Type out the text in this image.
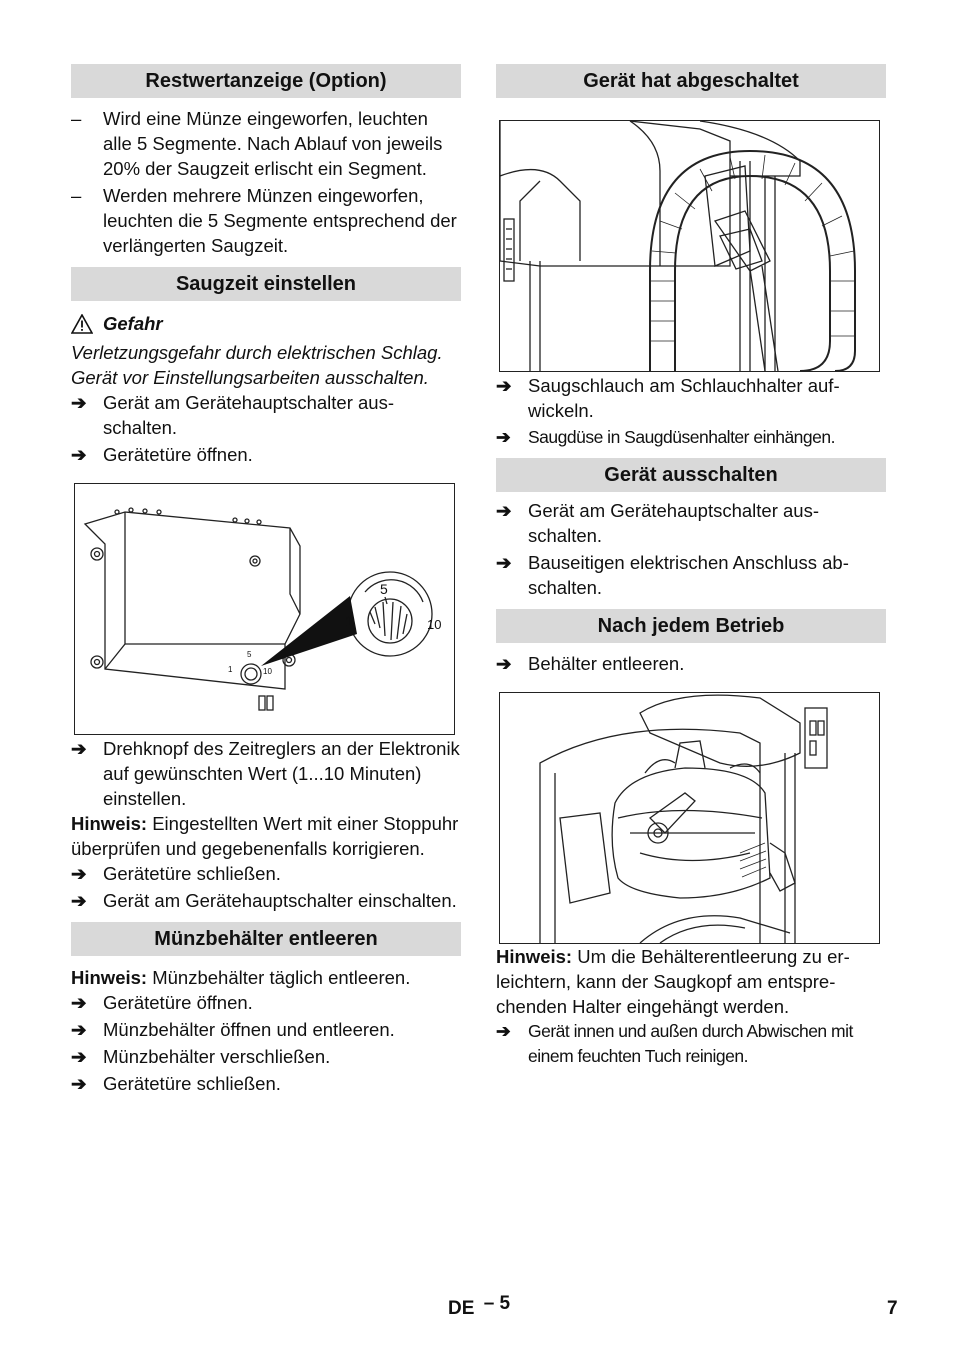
Restwertanzeige (Option)
– Wird eine Münze eingeworfen, leuchten alle 5 Segmente. Nach Ablauf von jeweils 20% der Saugzeit erlischt ein Segment.
– Werden mehrere Münzen eingeworfen, leuchten die 5 Segmente entsprechend der verlängerten Saugzeit.
Saugzeit einstellen
Gefahr

Verletzungsgefahr durch elektrischen Schlag. Gerät vor Einstellungsarbeiten ausschalten.

➔ Gerät am Gerätehauptschalter ausschalten.
➔ Gerätetüre öffnen.
5
1	10
5
1	10
➔ Drehknopf des Zeitreglers an der Elektronik auf gewünschten Wert (1...10 Minuten) einstellen.

Hinweis: Eingestellten Wert mit einer Stoppuhr überprüfen und gegebenenfalls korrigieren.

➔ Gerätetüre schließen.
➔ Gerät am Gerätehauptschalter einschalten.
Münzbehälter entleeren

Hinweis: Münzbehälter täglich entleeren.

➔ Gerätetüre öffnen.
➔ Münzbehälter öffnen und entleeren.
➔ Münzbehälter verschließen.
➔ Gerätetüre schließen.
Gerät hat abgeschaltet
➔ Saugschlauch am Schlauchhalter aufwickeln.
➔ Saugdüse in Saugdüsenhalter einhängen.
Gerät ausschalten
➔ Gerät am Gerätehauptschalter ausschalten.
➔ Bauseitigen elektrischen Anschluss abschalten.
Nach jedem Betrieb
➔ Behälter entleeren.

Hinweis: Um die Behälterentleerung zu erleichtern, kann der Saugkopf am entsprechenden Halter eingehängt werden.

➔ Gerät innen und außen durch Abwischen mit einem feuchten Tuch reinigen.
DE – 5	7
